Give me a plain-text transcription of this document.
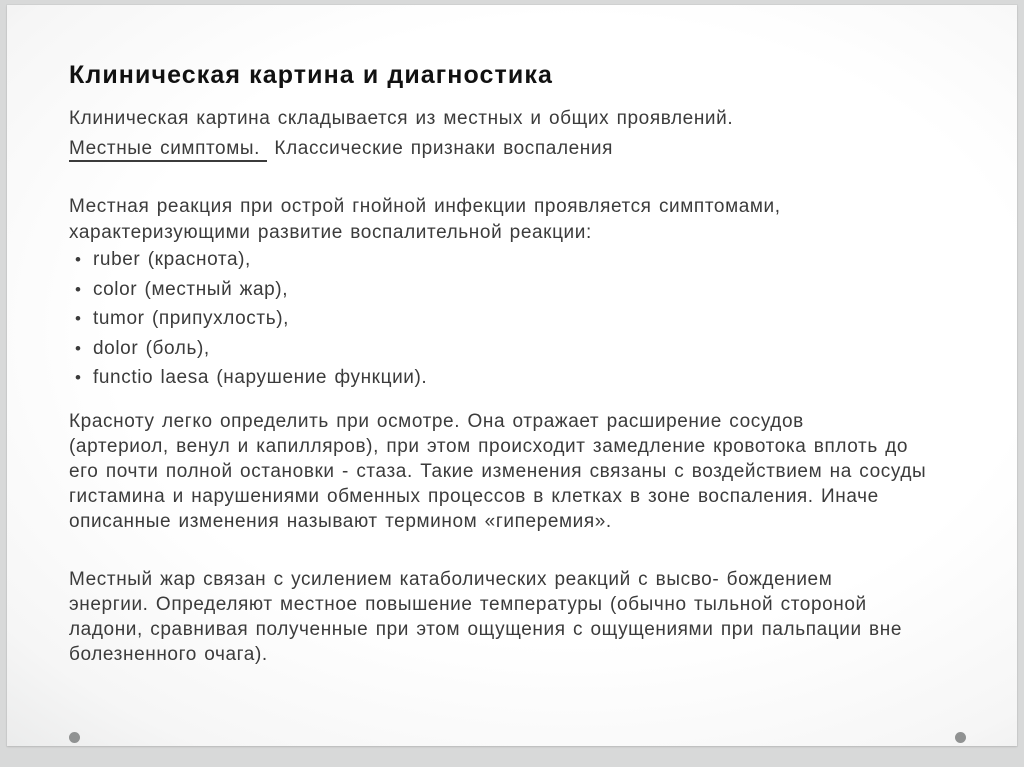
Клиническая картина и диагностика

Клиническая картина складывается из местных и общих проявлений.

Местные симптомы. Классические признаки воспаления

Местная реакция при острой гнойной инфекции проявляется симптомами,
характеризующими развитие воспалительной реакции:
• ruber (краснота),
• color (местный жар),
• tumor (припухлость),
• dolor (боль),
• functio laesa (нарушение функции).
Красноту легко определить при осмотре. Она отражает расширение сосудов
(артериол, венул и капилляров), при этом происходит замедление кровотока вплоть до
его почти полной остановки - стаза. Такие изменения связаны с воздействием на сосуды
гистамина и нарушениями обменных процессов в клетках в зоне воспаления. Иначе
описанные изменения называют термином «гиперемия».
Местный жар связан с усилением катаболических реакций с высво- бождением
энергии. Определяют местное повышение температуры (обычно тыльной стороной
ладони, сравнивая полученные при этом ощущения с ощущениями при пальпации вне
болезненного очага).
